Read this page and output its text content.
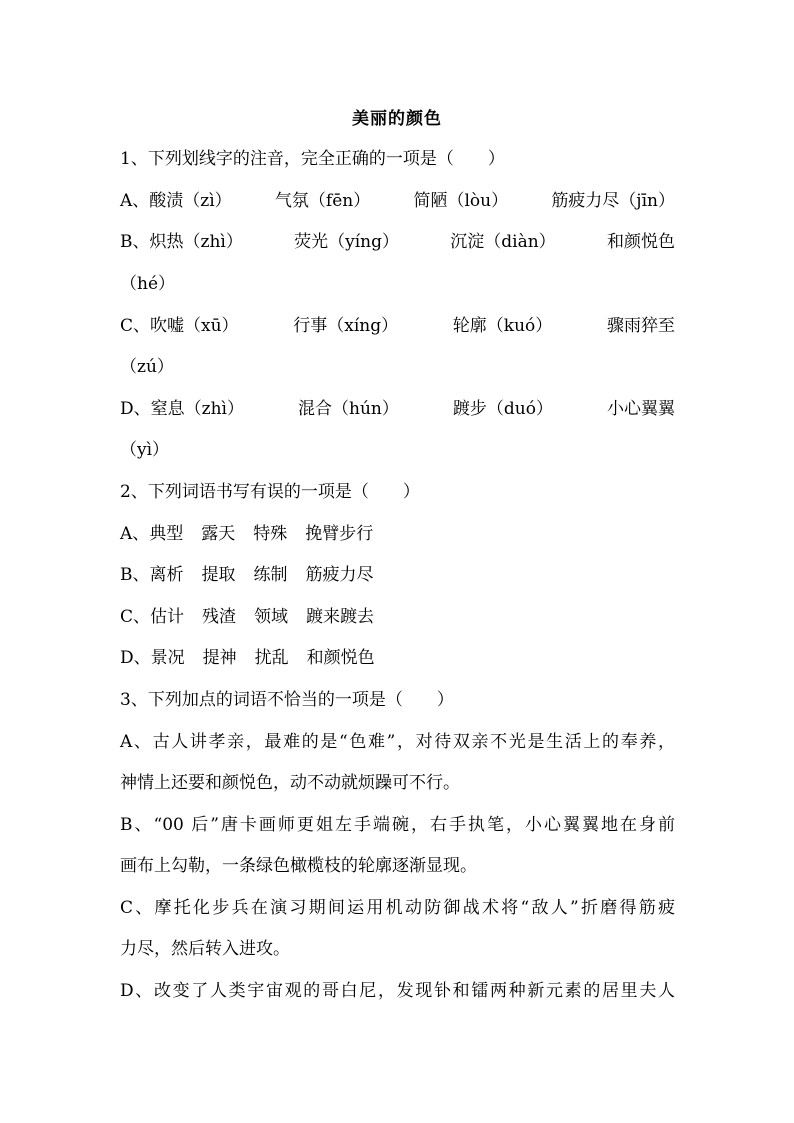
美丽的颜色
1、下列划线字的注音，完全正确的一项是（　　）
A、酸渍（zì）	气氛（fēn）	简陋（lòu）	筋疲力尽（jīn）
B、炽热（zhì）	荧光（yíng）	沉淀（diàn）	和颜悦色
（hé）
C、吹嘘（xū）	行事（xíng）	轮廓（kuó）	骤雨猝至
（zú）
D、窒息（zhì）	混合（hún）	踱步（duó）	小心翼翼
（yì）
2、下列词语书写有误的一项是（　　）
A、典型 露天 特殊 挽臂步行
B、离析 提取 练制 筋疲力尽
C、估计 残渣 领域 踱来踱去
D、景况 提神 扰乱 和颜悦色
3、下列加点的词语不恰当的一项是（　　）
A、古人讲孝亲，最难的是“色难”，对待双亲不光是生活上的奉养，
神情上还要和颜悦色，动不动就烦躁可不行。
B、“00 后”唐卡画师更姐左手端碗，右手执笔，小心翼翼地在身前
画布上勾勒，一条绿色橄榄枝的轮廓逐渐显现。
C、摩托化步兵在演习期间运用机动防御战术将“敌人”折磨得筋疲
力尽，然后转入进攻。
D、改变了人类宇宙观的哥白尼，发现钋和镭两种新元素的居里夫人
